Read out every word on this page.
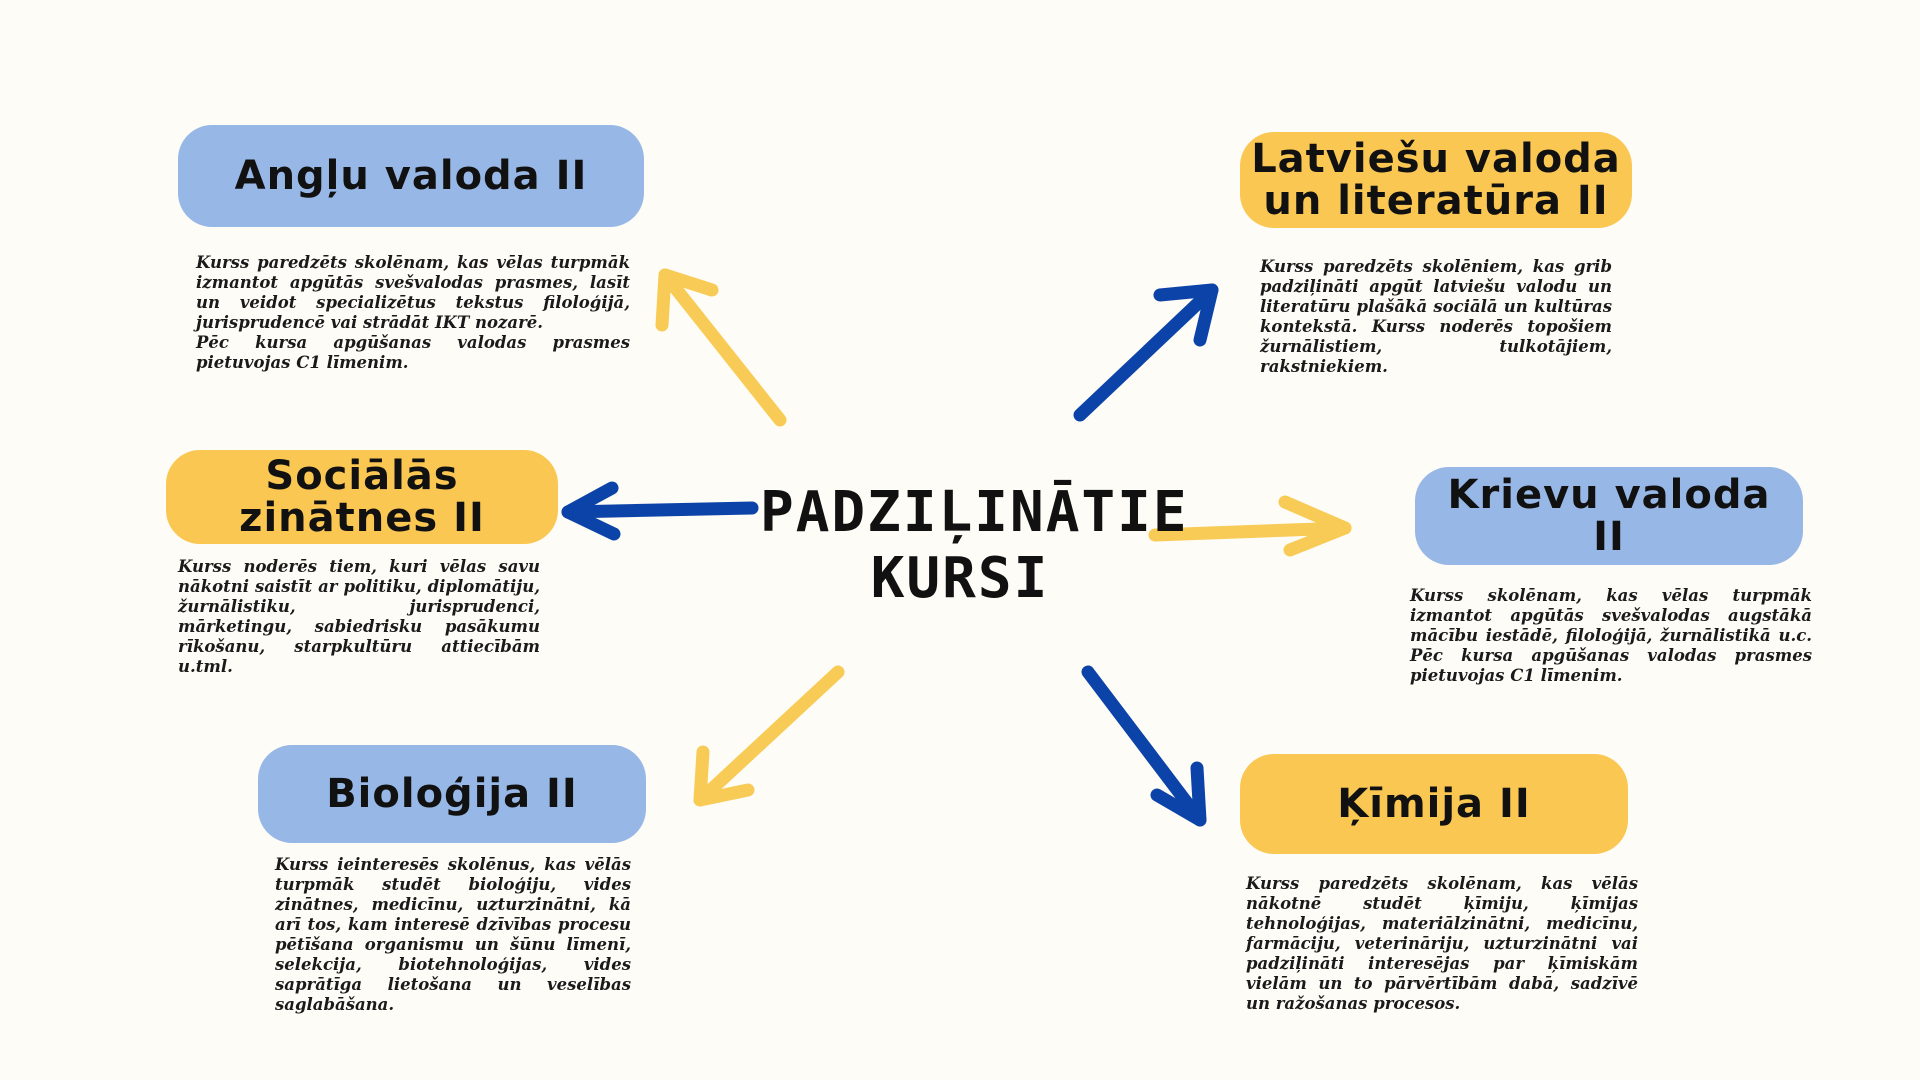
PADZIĻINĀTIE
KURSI
Angļu valoda II
Kurss paredzēts skolēnam, kas vēlas turpmāk izmantot apgūtās svešvalodas prasmes, lasīt un veidot specializētus tekstus filoloģijā, jurisprudencē vai strādāt IKT nozarē.
Pēc kursa apgūšanas valodas prasmes pietuvojas C1 līmenim.
Latviešu valoda
un literatūra II
Kurss paredzēts skolēniem, kas grib padziļināti apgūt latviešu valodu un literatūru plašākā sociālā un kultūras kontekstā. Kurss noderēs topošiem žurnālistiem, tulkotājiem, rakstniekiem.
Sociālās
zinātnes II
Kurss noderēs tiem, kuri vēlas savu nākotni saistīt ar politiku, diplomātiju, žurnālistiku, jurisprudenci, mārketingu, sabiedrisku pasākumu rīkošanu, starpkultūru attiecībām u.tml.
Krievu valoda
II
Kurss skolēnam, kas vēlas turpmāk izmantot apgūtās svešvalodas augstākā mācību iestādē, filoloģijā, žurnālistikā u.c. Pēc kursa apgūšanas valodas prasmes pietuvojas C1 līmenim.
Bioloģija II
Kurss ieinteresēs skolēnus, kas vēlās turpmāk studēt bioloģiju, vides zinātnes, medicīnu, uzturzinātni, kā arī tos, kam interesē dzīvības procesu pētīšana organismu un šūnu līmenī, selekcija, biotehnoloģijas, vides saprātīga lietošana un veselības saglabāšana.
Ķīmija II
Kurss paredzēts skolēnam, kas vēlās nākotnē studēt ķīmiju, ķīmijas tehnoloģijas, materiālzinātni, medicīnu, farmāciju, veterināriju, uzturzinātni vai padziļināti interesējas par ķīmiskām vielām un to pārvērtībām dabā, sadzīvē un ražošanas procesos.
